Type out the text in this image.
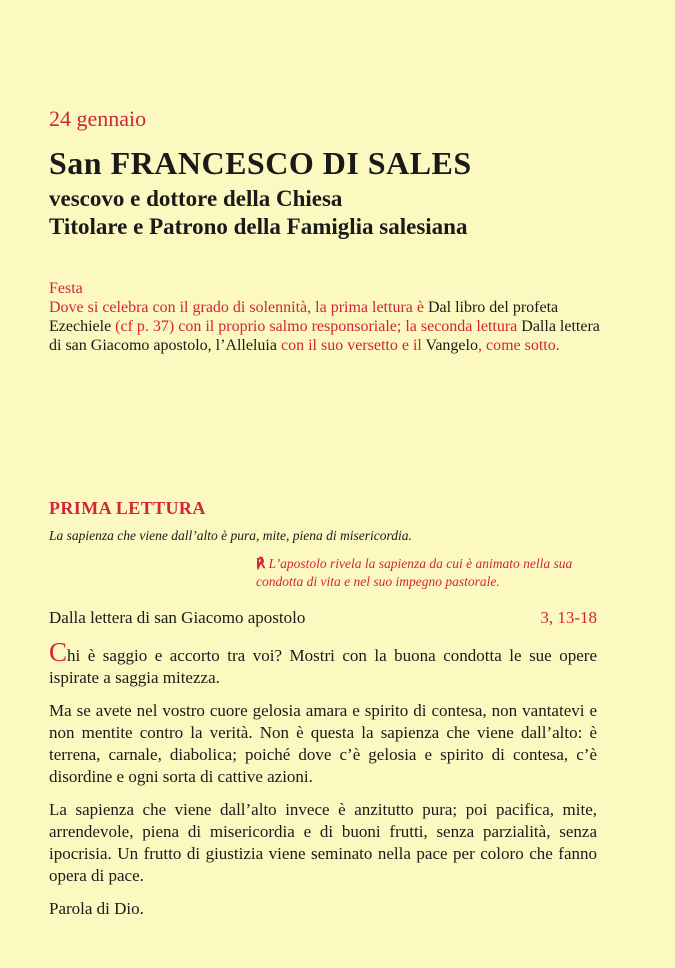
24 gennaio
San FRANCESCO DI SALES
vescovo e dottore della Chiesa
Titolare e Patrono della Famiglia salesiana
Festa
Dove si celebra con il grado di solennità, la prima lettura è Dal libro del profeta Ezechiele (cf p. 37) con il proprio salmo responsoriale; la seconda lettura Dalla lettera di san Giacomo apostolo, l’Alleluia con il suo versetto e il Vangelo, come sotto.
PRIMA LETTURA
La sapienza che viene dall’alto è pura, mite, piena di misericordia.
℟ L’apostolo rivela la sapienza da cui è animato nella sua condotta di vita e nel suo impegno pastorale.
Dalla lettera di san Giacomo apostolo	3, 13-18

Chi è saggio e accorto tra voi? Mostri con la buona condotta le sue opere ispirate a saggia mitezza.

Ma se avete nel vostro cuore gelosia amara e spirito di contesa, non vantatevi e non mentite contro la verità. Non è questa la sapienza che viene dall’alto: è terrena, carnale, diabolica; poiché dove c’è gelosia e spirito di contesa, c’è disordine e ogni sorta di cattive azioni.

La sapienza che viene dall’alto invece è anzitutto pura; poi pacifica, mite, arrendevole, piena di misericordia e di buoni frutti, senza parzialità, senza ipocrisia. Un frutto di giustizia viene seminato nella pace per coloro che fanno opera di pace.

Parola di Dio.
